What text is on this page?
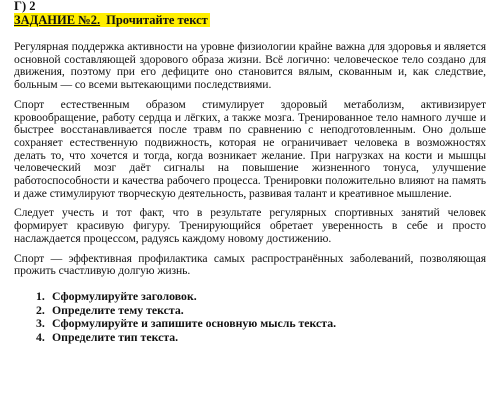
Г) 2
ЗАДАНИЕ №2. Прочитайте текст

Регулярная поддержка активности на уровне физиологии крайне важна для здоровья и является основной составляющей здорового образа жизни. Всё логично: человеческое тело создано для движения, поэтому при его дефиците оно становится вялым, скованным и, как следствие, больным — со всеми вытекающими последствиями.

Спорт естественным образом стимулирует здоровый метаболизм, активизирует кровообращение, работу сердца и лёгких, а также мозга. Тренированное тело намного лучше и быстрее восстанавливается после травм по сравнению с неподготовленным. Оно дольше сохраняет естественную подвижность, которая не ограничивает человека в возможностях делать то, что хочется и тогда, когда возникает желание. При нагрузках на кости и мышцы человеческий мозг даёт сигналы на повышение жизненного тонуса, улучшение работоспособности и качества рабочего процесса. Тренировки положительно влияют на память и даже стимулируют творческую деятельность, развивая талант и креативное мышление.

Следует учесть и тот факт, что в результате регулярных спортивных занятий человек формирует красивую фигуру. Тренирующийся обретает уверенность в себе и просто наслаждается процессом, радуясь каждому новому достижению.

Спорт — эффективная профилактика самых распространённых заболеваний, позволяющая прожить счастливую долгую жизнь.

1. Сформулируйте заголовок.
2. Определите тему текста.
3. Сформулируйте и запишите основную мысль текста.
4. Определите тип текста.
